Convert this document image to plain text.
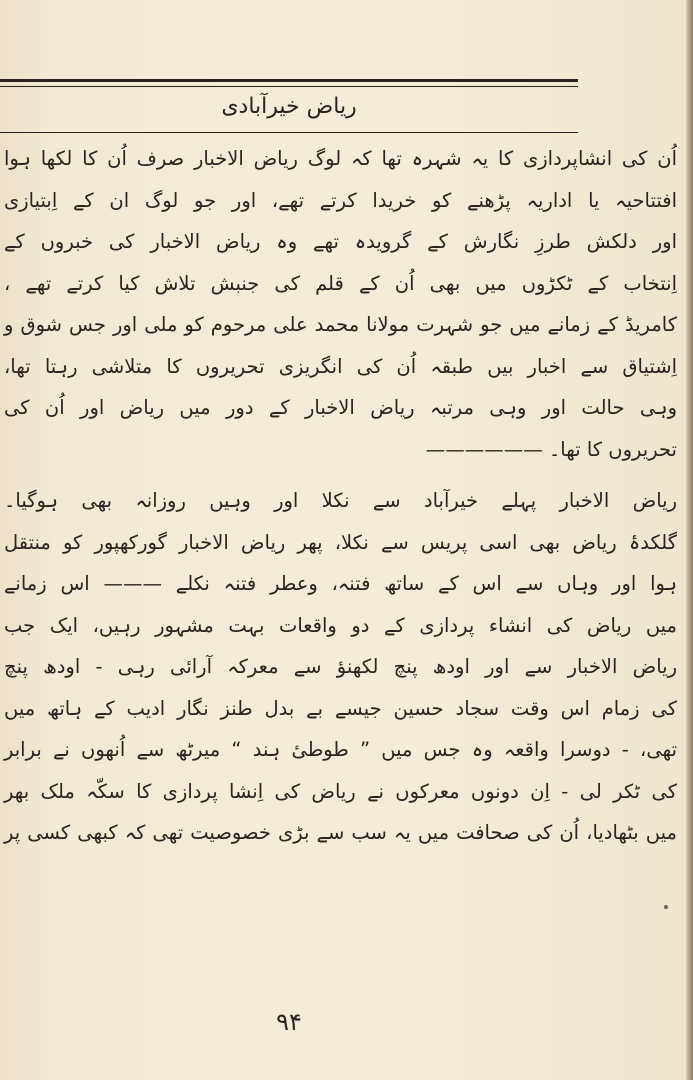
ریاض خیرآبادی
اُن کی انشاپردازی کا یہ شہرہ تھا کہ لوگ ریاض الاخبار صرف اُن کا لکھا ہوا
افتتاحیہ یا اداریہ پڑھنے کو خریدا کرتے تھے، اور جو لوگ ان کے اِبتیازی
اور دلکش طرزِ نگارش کے گرویدہ تھے وہ ریاض الاخبار کی خبروں کے
اِنتخاب کے ٹکڑوں میں بھی اُن کے قلم کی جنبش تلاش کیا کرتے تھے ،
کامریڈ کے زمانے میں جو شہرت مولانا محمد علی مرحوم کو ملی اور جس شوق و
اِشتیاق سے اخبار بیں طبقہ اُن کی انگریزی تحریروں کا متلاشی رہتا تھا،
وہی حالت اور وہی مرتبہ ریاض الاخبار کے دور میں ریاض اور اُن کی
تحریروں کا تھا۔ ——————
ریاض الاخبار پہلے خیرآباد سے نکلا اور وہیں روزانہ بھی ہوگیا۔
گلکدۂ ریاض بھی اسی پریس سے نکلا، پھر ریاض الاخبار گورکھپور کو منتقل
ہوا اور وہاں سے اس کے ساتھ فتنہ، وعطر فتنہ نکلے ——— اس زمانے
میں ریاض کی انشاء پردازی کے دو واقعات بہت مشہور رہیں، ایک جب
ریاض الاخبار سے اور اودھ پنچ لکھنؤ سے معرکہ آرائی رہی - اودھ پنچ
کی زمام اس وقت سجاد حسین جیسے بے بدل طنز نگار ادیب کے ہاتھ میں
تھی، - دوسرا واقعہ وہ جس میں ” طوطیٔ ہند “ میرٹھ سے اُنھوں نے برابر
کی ٹکر لی - اِن دونوں معرکوں نے ریاض کی اِنشا پردازی کا سکّہ ملک بھر
میں بٹھادیا، اُن کی صحافت میں یہ سب سے بڑی خصوصیت تھی کہ کبھی کسی پر
۹۴
